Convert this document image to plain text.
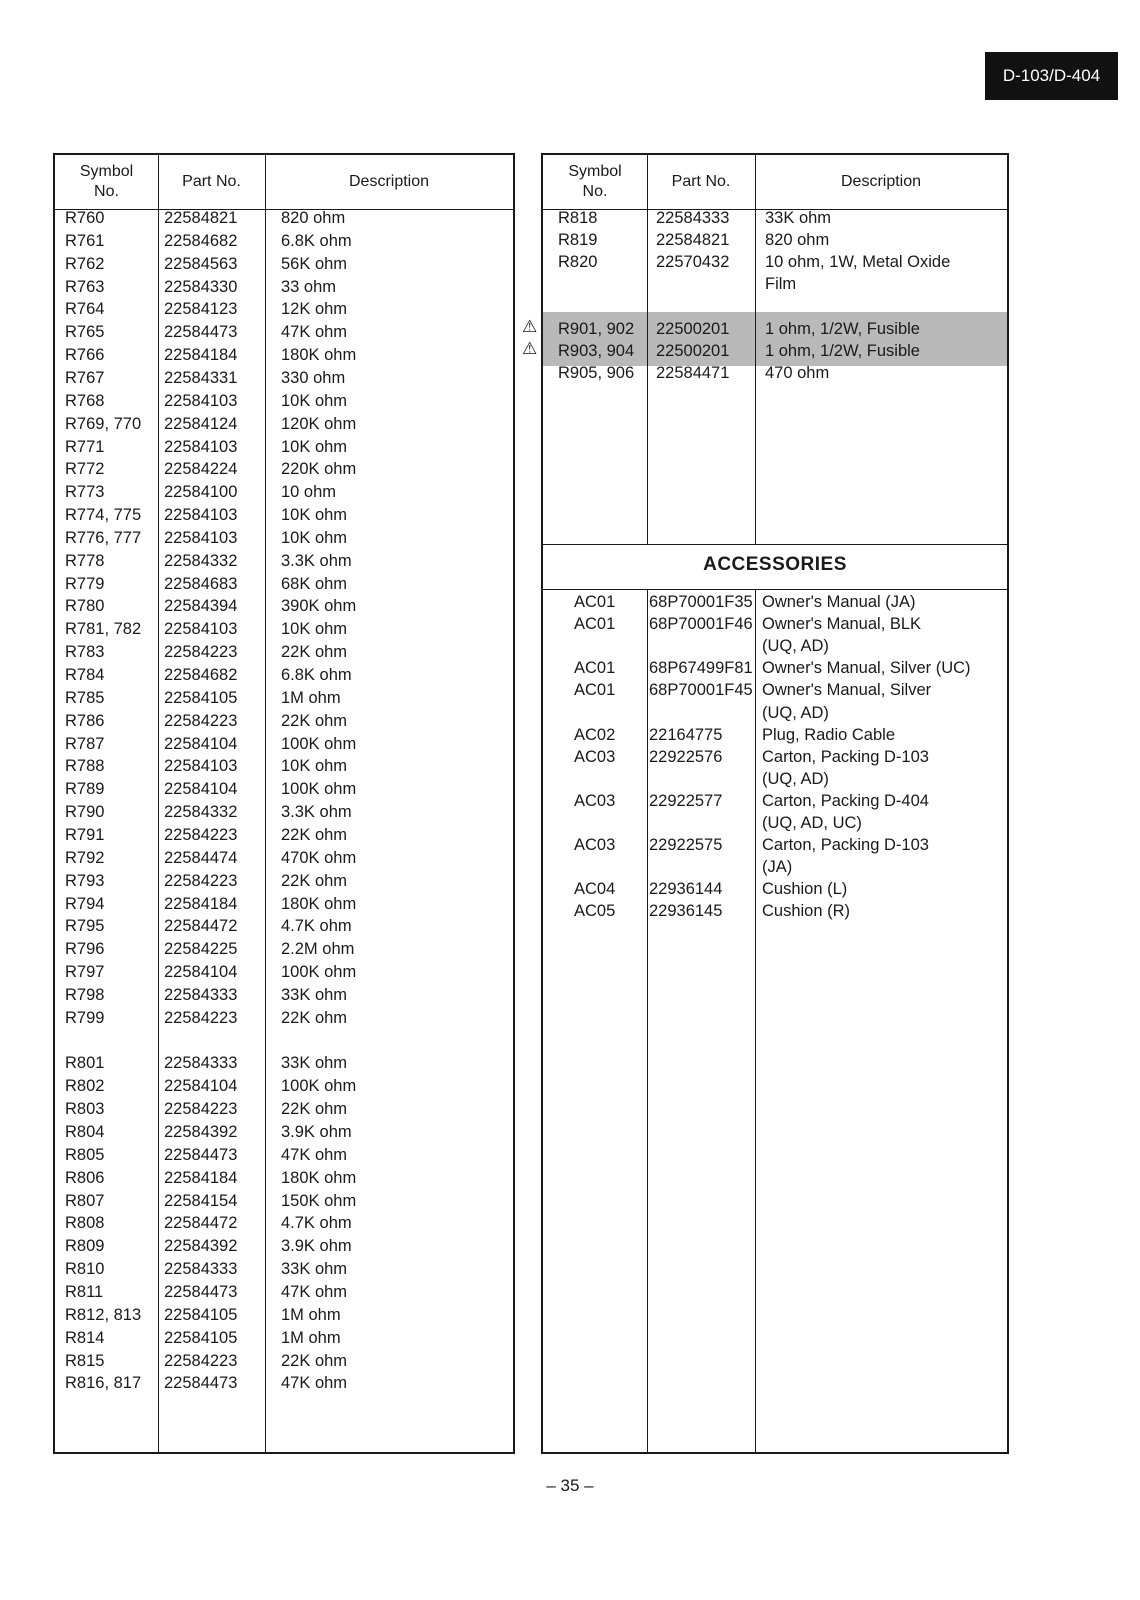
D-103/D-404
Symbol
No.
Part No.	Description
R760	22584821	820 ohm
R761	22584682	6.8K ohm
R762	22584563	56K ohm
R763	22584330	33 ohm
R764	22584123	12K ohm
R765	22584473	47K ohm
R766	22584184	180K ohm
R767	22584331	330 ohm
R768	22584103	10K ohm
R769, 770 22584124	120K ohm
R771	22584103	10K ohm
R772	22584224	220K ohm
R773	22584100	10 ohm
R774, 775 22584103	10K ohm
R776, 777 22584103	10K ohm
R778	22584332	3.3K ohm
R779	22584683	68K ohm
R780	22584394	390K ohm
R781, 782 22584103	10K ohm
R783	22584223	22K ohm
R784	22584682	6.8K ohm
R785	22584105	1M ohm
R786	22584223	22K ohm
R787	22584104	100K ohm
R788	22584103	10K ohm
R789	22584104	100K ohm
R790	22584332	3.3K ohm
R791	22584223	22K ohm
R792	22584474	470K ohm
R793	22584223	22K ohm
R794	22584184	180K ohm
R795	22584472	4.7K ohm
R796	22584225	2.2M ohm
R797	22584104	100K ohm
R798	22584333	33K ohm
R799	22584223	22K ohm
R801	22584333	33K ohm
R802	22584104	100K ohm
R803	22584223	22K ohm
R804	22584392	3.9K ohm
R805	22584473	47K ohm
R806	22584184	180K ohm
R807	22584154	150K ohm
R808	22584472	4.7K ohm
R809	22584392	3.9K ohm
R810	22584333	33K ohm
R811	22584473	47K ohm
R812, 813 22584105	1M ohm
R814	22584105	1M ohm
R815	22584223	22K ohm
R816, 817 22584473	47K ohm
ACCESSORIES
Symbol
No.
Part No.	Description
R818	22584333 33K ohm
R819	22584821 820 ohm
R820	22570432 10 ohm, 1W, Metal Oxide
Film
R901, 902 22500201 1 ohm, 1/2W, Fusible
R903, 904 22500201 1 ohm, 1/2W, Fusible
R905, 906 22584471 470 ohm
AC01 68P70001F35 Owner's Manual (JA)
AC01 68P70001F46 Owner's Manual, BLK
(UQ, AD)
AC01 68P67499F81 Owner's Manual, Silver (UC)
AC01 68P70001F45 Owner's Manual, Silver
(UQ, AD)
AC02 22164775 Plug, Radio Cable
AC03 22922576 Carton, Packing D-103
(UQ, AD)
AC03 22922577 Carton, Packing D-404
(UQ, AD, UC)
AC03 22922575 Carton, Packing D-103
(JA)
AC04 22936144 Cushion (L)
AC05 22936145 Cushion (R)
⚠
⚠
– 35 –
